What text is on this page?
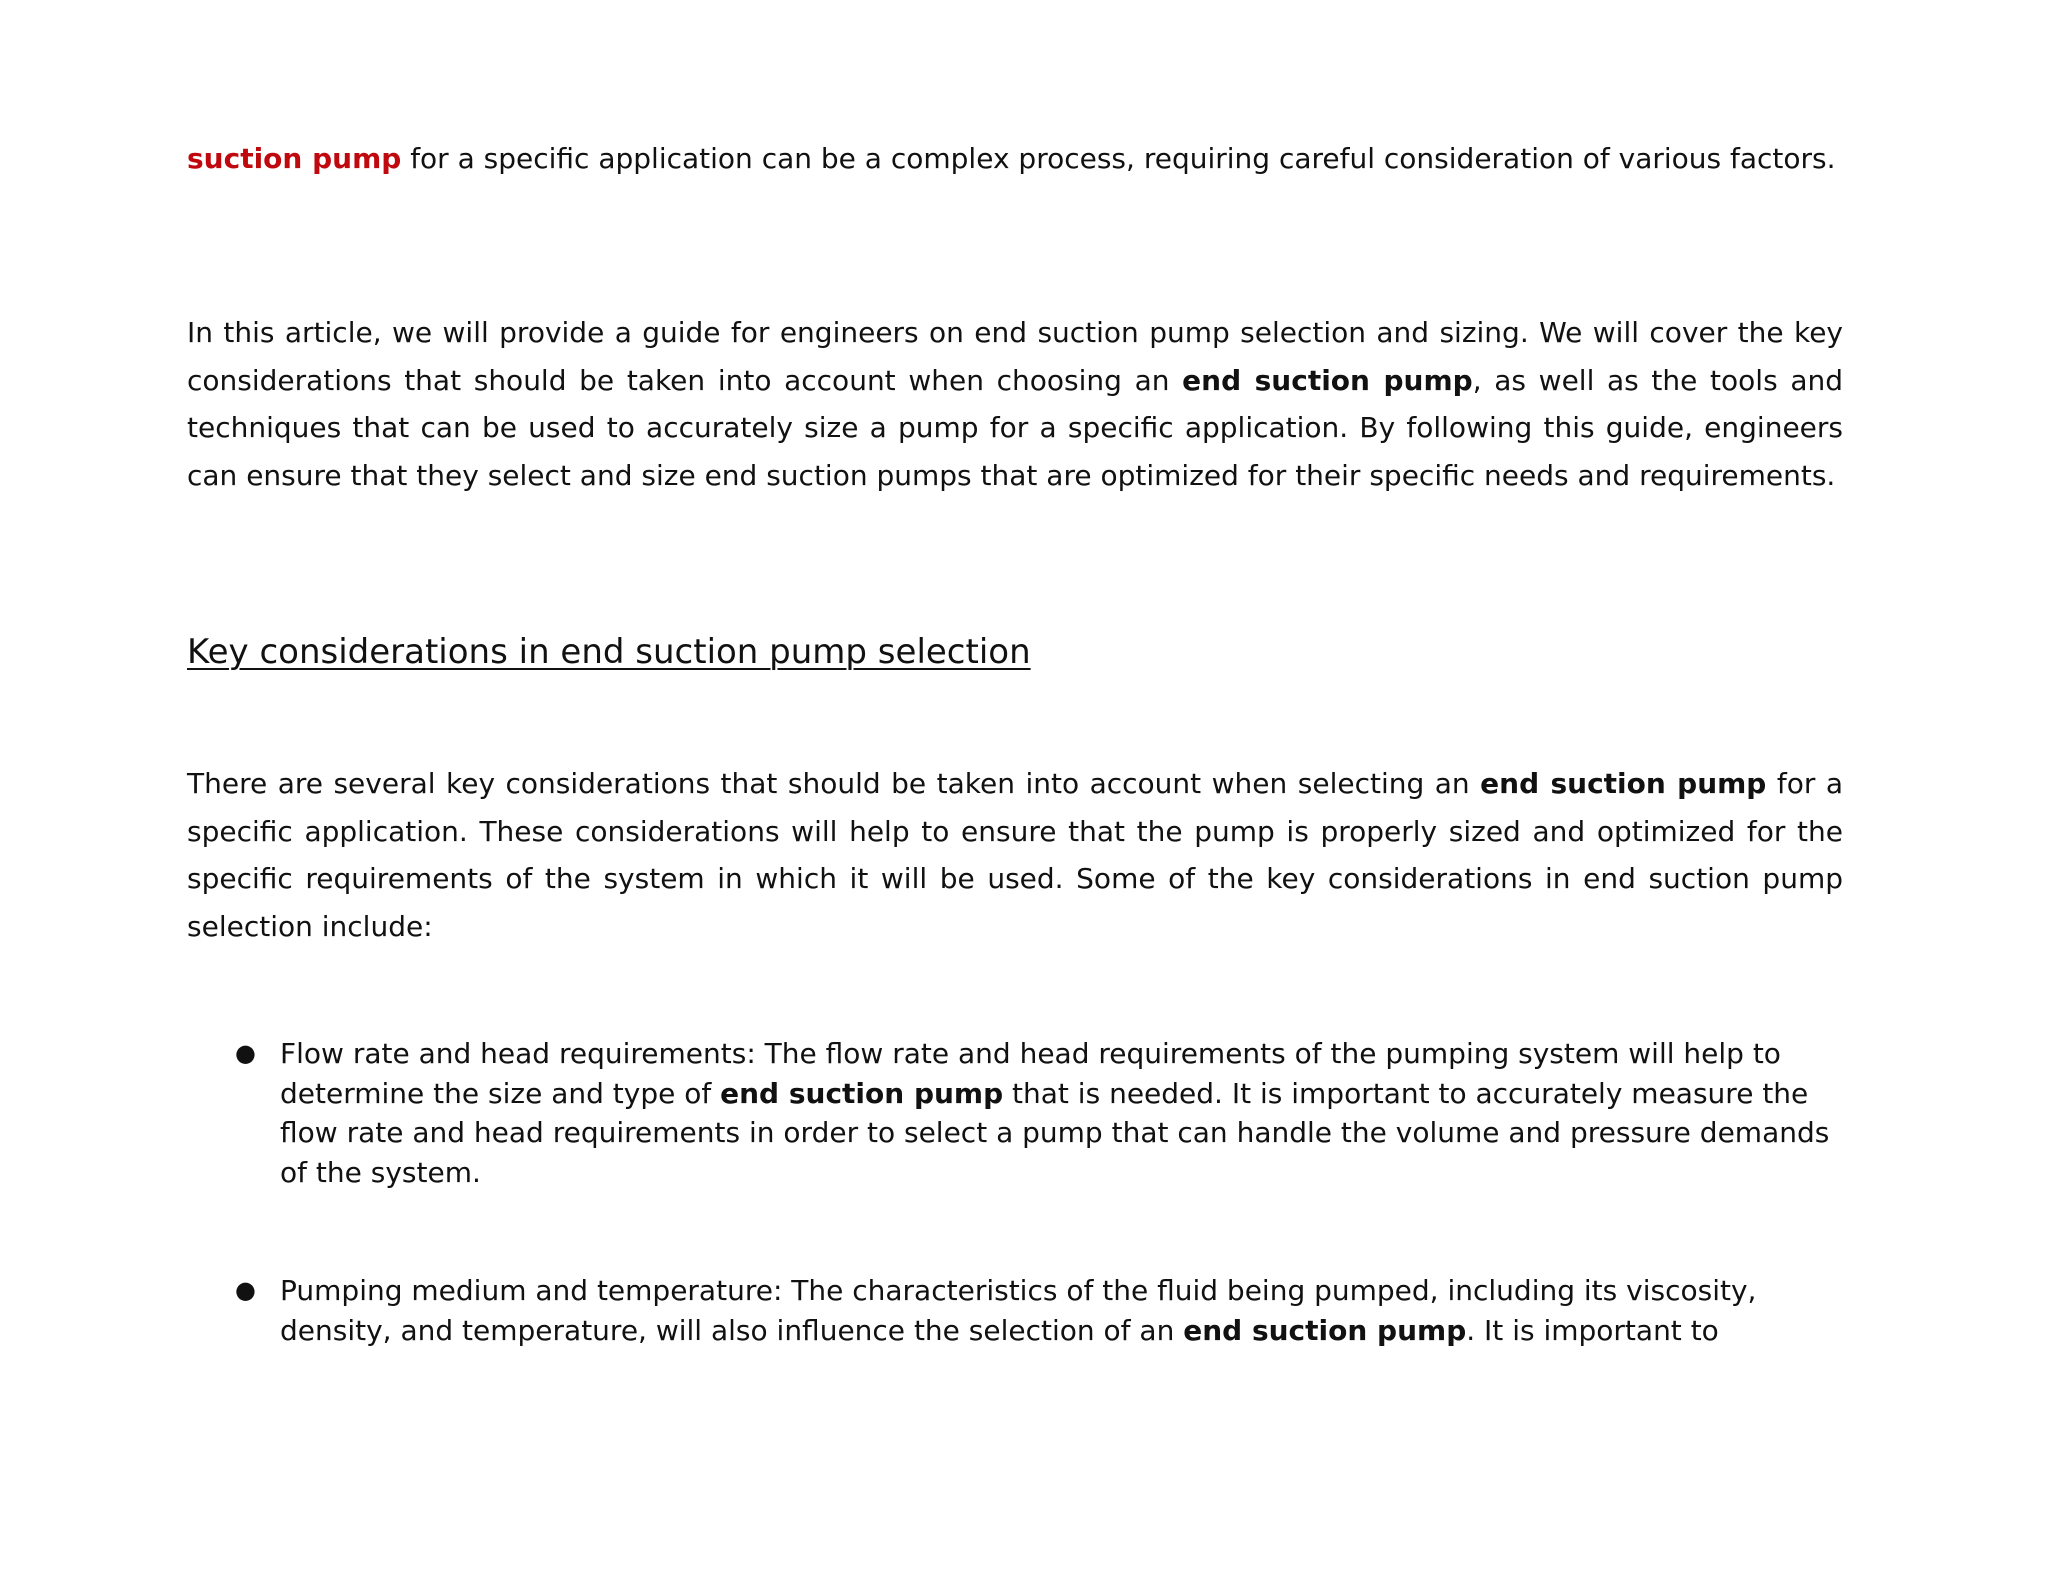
suction pump for a specific application can be a complex process, requiring careful consideration of various factors.

In this article, we will provide a guide for engineers on end suction pump selection and sizing. We will cover the key considerations that should be taken into account when choosing an end suction pump, as well as the tools and techniques that can be used to accurately size a pump for a specific application. By following this guide, engineers can ensure that they select and size end suction pumps that are optimized for their specific needs and requirements.

Key considerations in end suction pump selection

There are several key considerations that should be taken into account when selecting an end suction pump for a specific application. These considerations will help to ensure that the pump is properly sized and optimized for the specific requirements of the system in which it will be used. Some of the key considerations in end suction pump selection include:

● Flow rate and head requirements: The flow rate and head requirements of the pumping system will help to determine the size and type of end suction pump that is needed. It is important to accurately measure the flow rate and head requirements in order to select a pump that can handle the volume and pressure demands of the system.
● Pumping medium and temperature: The characteristics of the fluid being pumped, including its viscosity, density, and temperature, will also influence the selection of an end suction pump. It is important to
